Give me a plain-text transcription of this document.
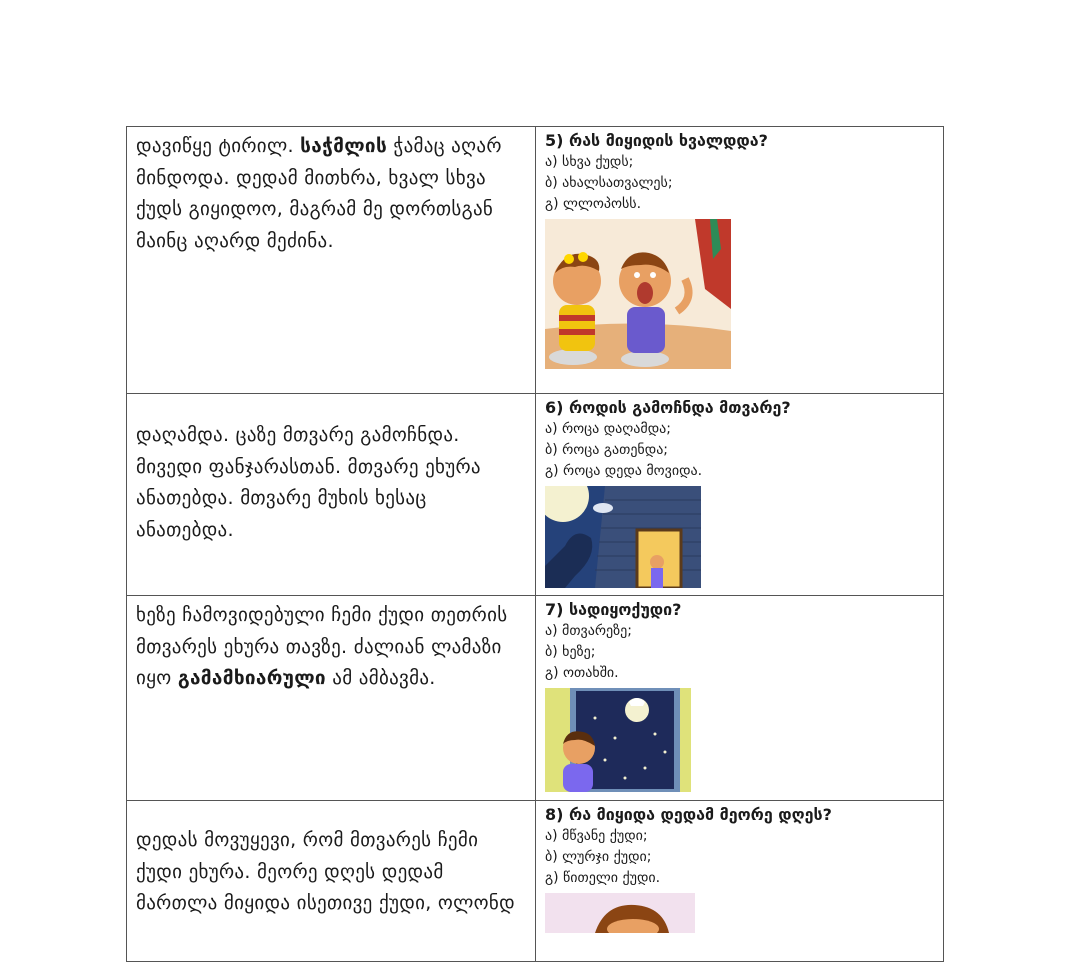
დავიწყე ტირილ. საჭმლის ჭამაც აღარ მინდოდა. დედამ მითხრა, ხვალ სხვა ქუდს გიყიდოო, მაგრამ მე დორთსგან მაინც აღარდ მეძინა.
5) რას მიყიდის ხვალდდა?
ა) სხვა ქუდს;
ბ) ახალსათვალეს;
გ) ლლოპოსს.
დაღამდა. ცაზე მთვარე გამოჩნდა. მივედი ფანჯარასთან. მთვარე ეხურა ანათებდა. მთვარე მუხის ხესაც ანათებდა.
6) როდის გამოჩნდა მთვარე?
ა) როცა დაღამდა;
ბ) როცა გათენდა;
გ) როცა დედა მოვიდა.
ხეზე ჩამოვიდებული ჩემი ქუდი თეთრის მთვარეს ეხურა თავზე. ძალიან ლამაზი იყო გამამხიარული ამ ამბავმა.
7) სადიყოქუდი?
ა) მთვარეზე;
ბ) ხეზე;
გ) ოთახში.
დედას მოვუყევი, რომ მთვარეს ჩემი ქუდი ეხურა. მეორე დღეს დედამ მართლა მიყიდა ისეთივე ქუდი, ოლონდ
8) რა მიყიდა დედამ მეორე დღეს?
ა) მწვანე ქუდი;
ბ) ლურჯი ქუდი;
გ) წითელი ქუდი.
